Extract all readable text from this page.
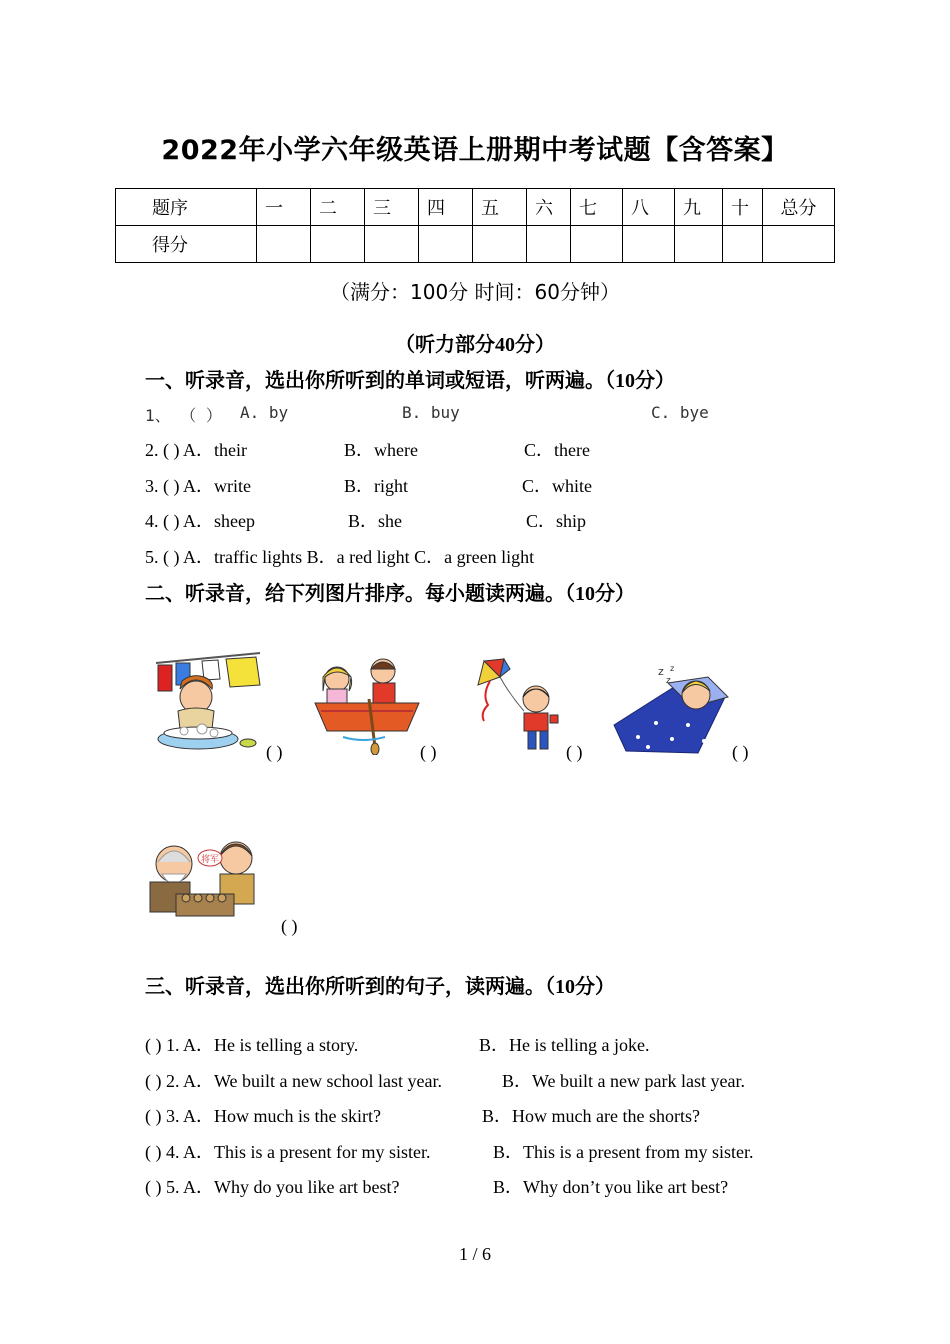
2022年小学六年级英语上册期中考试题【含答案】
题序	一	二	三	四	五	六	七	八	九	十	总分
得分											
（满分：100分 时间：60分钟）
（听力部分40分）
一、听录音，选出你所听到的单词或短语，听两遍。（10分）
1、 （ ） A. by	B. buy	C. bye
2. ( ) A．their	B．where	C．there
3. ( ) A．write	B．right	C．white
4. ( ) A．sheep	B．she	C．ship
5. ( ) A．traffic lights B．a red light C．a green light
二、听录音，给下列图片排序。每小题读两遍。（10分）
( )	( )	( )
z
z
z
( )
将军
( )
三、听录音，选出你所听到的句子，读两遍。（10分）
( ) 1. A．He is telling a story.	B．He is telling a joke.
( ) 2. A．We built a new school last year.	B．We built a new park last year.
( ) 3. A．How much is the skirt?	B．How much are the shorts?
( ) 4. A．This is a present for my sister.	B．This is a present from my sister.
( ) 5. A．Why do you like art best?	B．Why don’t you like art best?
1 / 6
